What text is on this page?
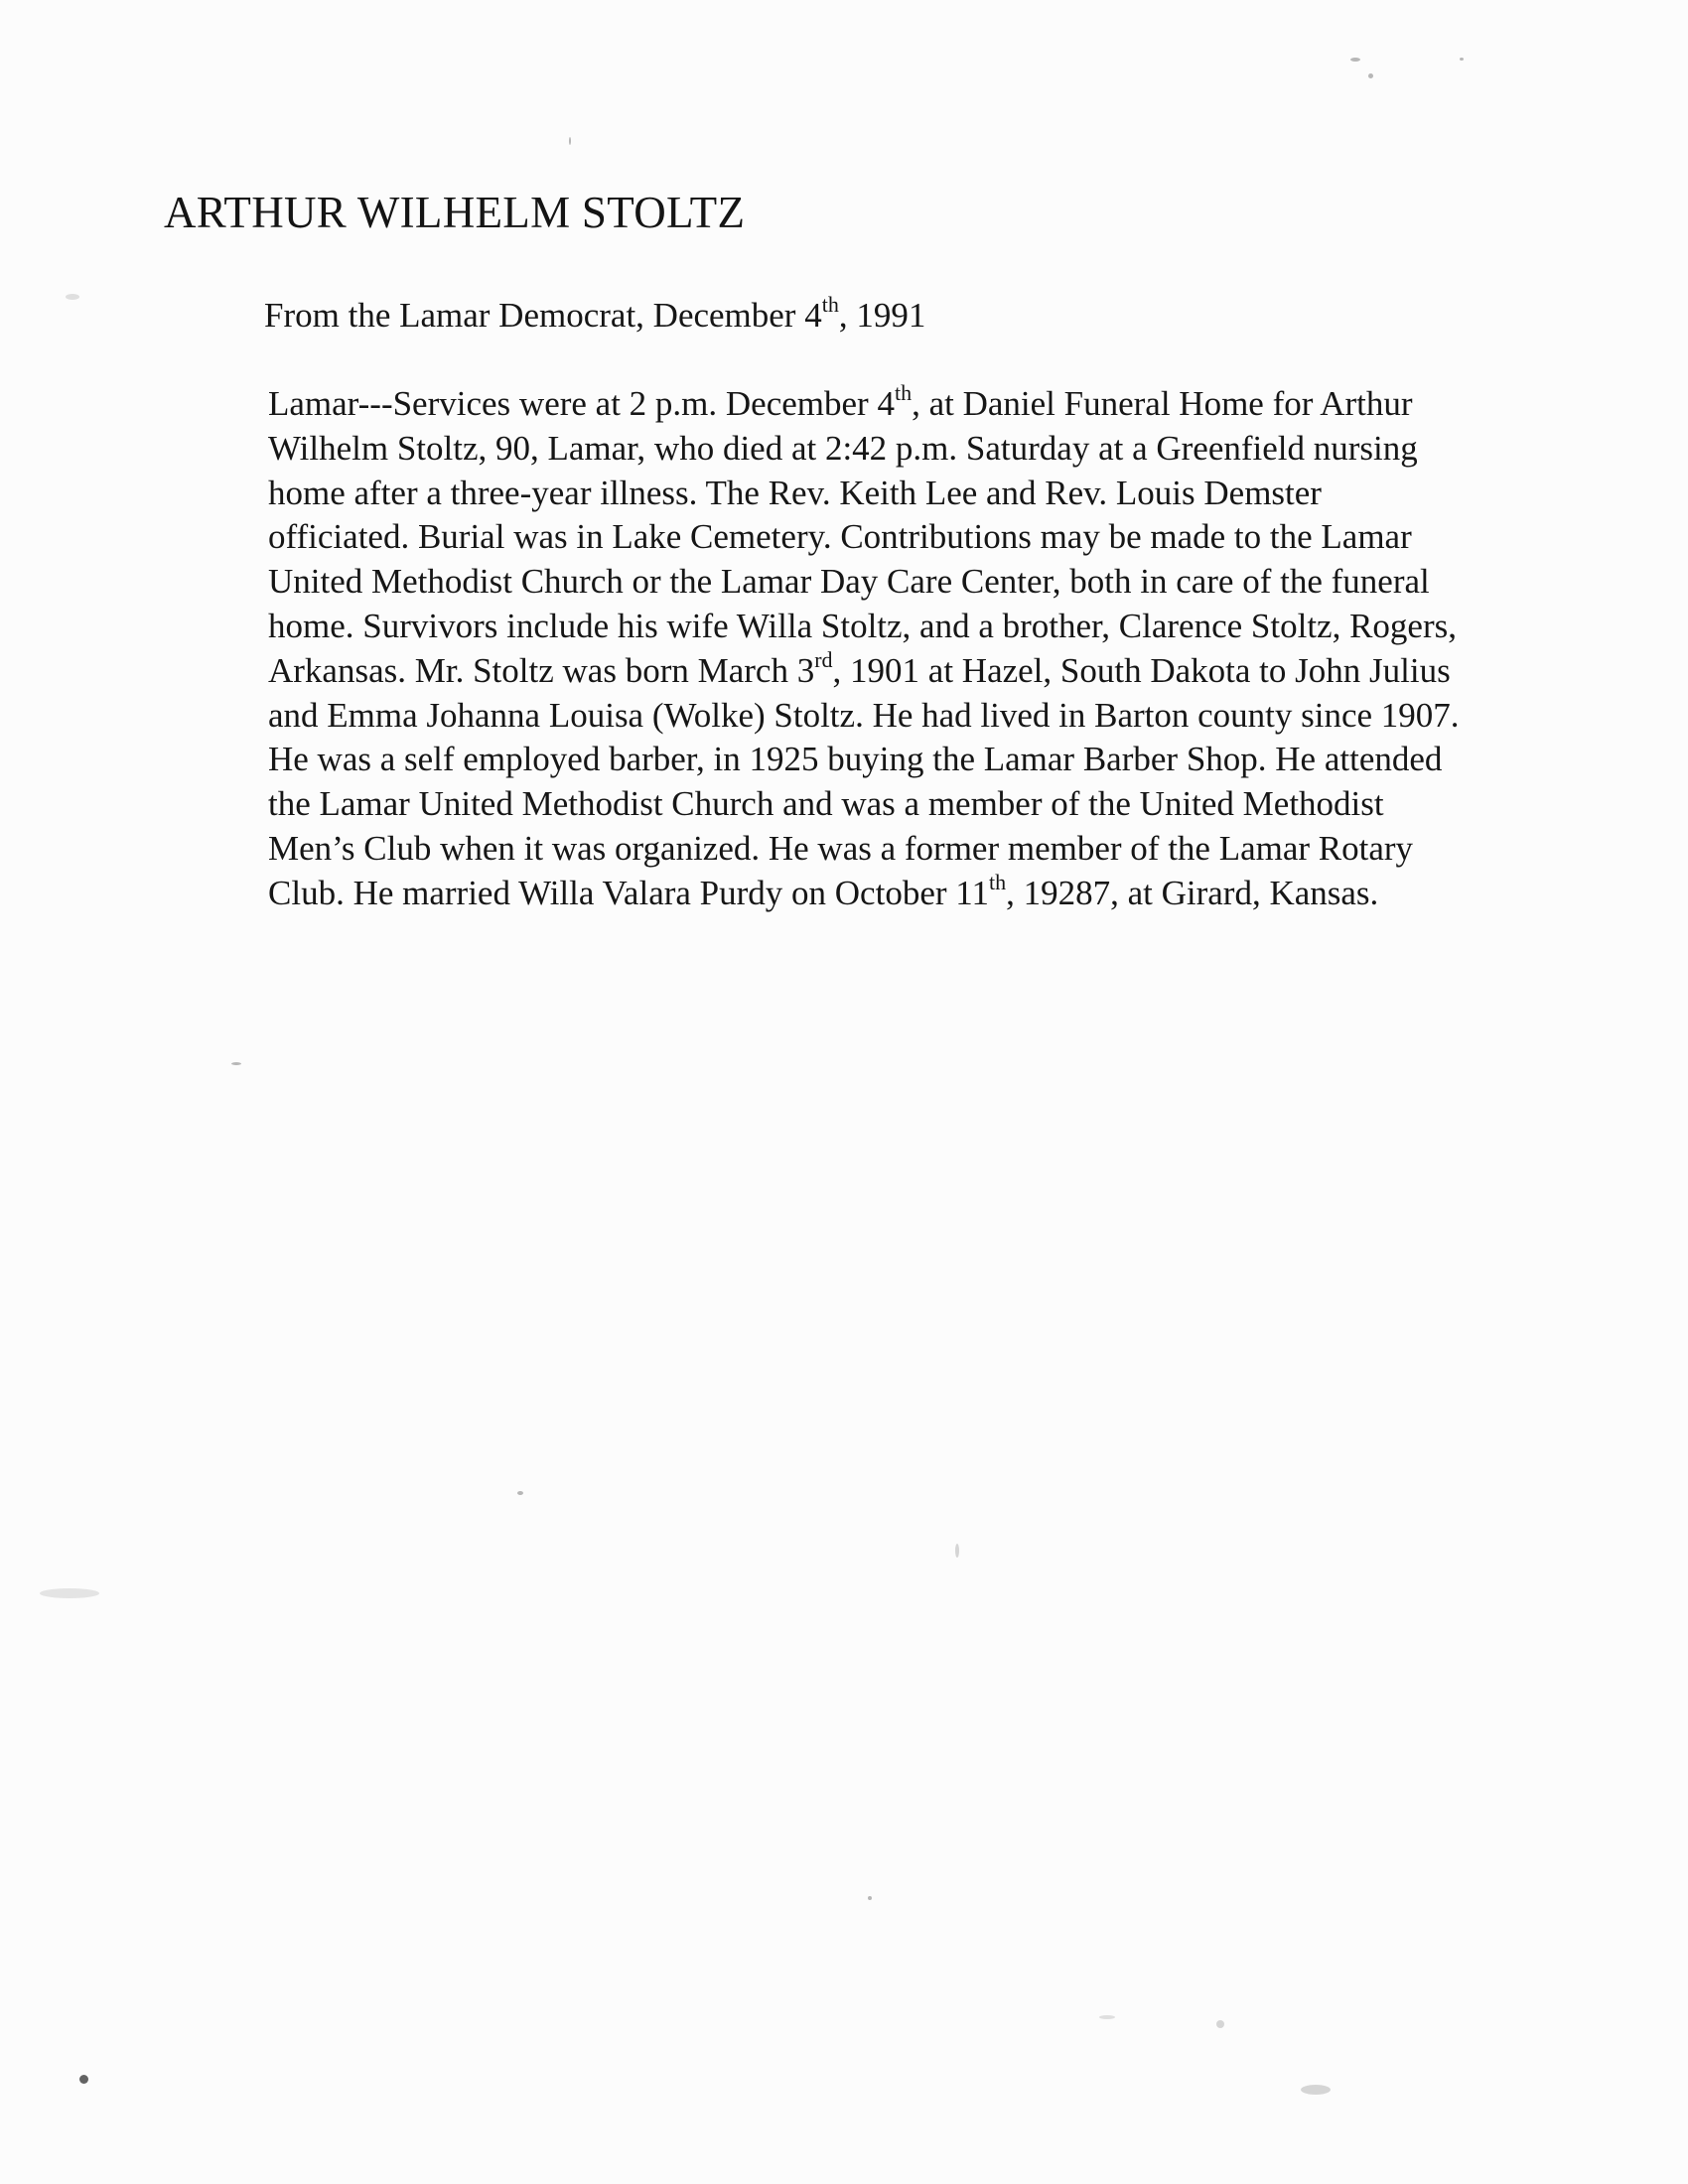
ARTHUR WILHELM STOLTZ
From the Lamar Democrat, December 4th, 1991
Lamar---Services were at 2 p.m. December 4th, at Daniel Funeral Home for Arthur
Wilhelm Stoltz, 90, Lamar, who died at 2:42 p.m. Saturday at a Greenfield nursing
home after a three-year illness. The Rev. Keith Lee and Rev. Louis Demster
officiated. Burial was in Lake Cemetery. Contributions may be made to the Lamar
United Methodist Church or the Lamar Day Care Center, both in care of the funeral
home. Survivors include his wife Willa Stoltz, and a brother, Clarence Stoltz, Rogers,
Arkansas. Mr. Stoltz was born March 3rd, 1901 at Hazel, South Dakota to John Julius
and Emma Johanna Louisa (Wolke) Stoltz. He had lived in Barton county since 1907.
He was a self employed barber, in 1925 buying the Lamar Barber Shop. He attended
the Lamar United Methodist Church and was a member of the United Methodist
Men’s Club when it was organized. He was a former member of the Lamar Rotary
Club. He married Willa Valara Purdy on October 11th, 19287, at Girard, Kansas.
